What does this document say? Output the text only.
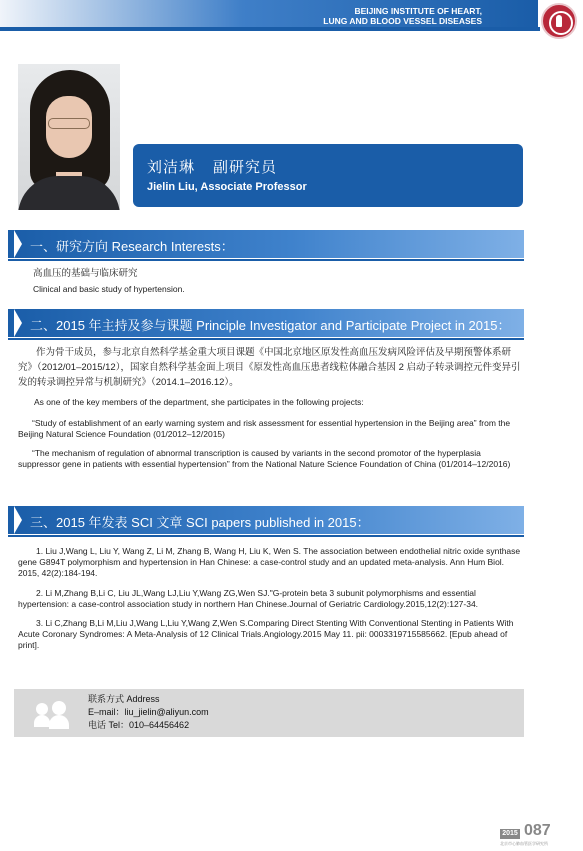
BEIJING INSTITUTE OF HEART,
LUNG AND BLOOD VESSEL DISEASES
刘洁琳 副研究员
Jielin Liu, Associate Professor
一、研究方向 Research Interests：
高血压的基础与临床研究
Clinical and basic study of hypertension.
二、2015 年主持及参与课题 Principle Investigator and Participate Project in 2015：
作为骨干成员，参与北京自然科学基金重大项目课题《中国北京地区原发性高血压发病风险评估及早期预警体系研究》（2012/01–2015/12），国家自然科学基金面上项目《原发性高血压患者线粒体融合基因 2 启动子转录调控元件变异引发的转录调控异常与机制研究》（2014.1–2016.12）。
As one of the key members of the department, she participates in the following projects:
“Study of establishment of an early warning system and risk assessment for essential hypertension in the Beijing area” from the Beijing Natural Science Foundation (01/2012–12/2015)
“The mechanism of regulation of abnormal transcription is caused by variants in the second promotor of the hyperplasia suppressor gene in patients with essential hypertension” from the National Nature Science Foundation of China (01/2014–12/2016)
三、2015 年发表 SCI 文章 SCI papers published in 2015：
1. Liu J,Wang L, Liu Y, Wang Z, Li M, Zhang B, Wang H, Liu K, Wen S. The association between endothelial nitric oxide synthase gene G894T polymorphism and hypertension in Han Chinese: a case-control study and an updated meta-analysis. Ann Hum Biol. 2015, 42(2):184-194.
2. Li M,Zhang B,Li C, Liu JL,Wang LJ,Liu Y,Wang ZG,Wen SJ."G-protein beta 3 subunit polymorphisms and essential hypertension: a case-control association study in northern Han Chinese.Journal of Geriatric Cardiology.2015,12(2):127-34.
3. Li C,Zhang B,Li M,Liu J,Wang L,Liu Y,Wang Z,Wen S.Comparing Direct Stenting With Conventional Stenting in Patients With Acute Coronary Syndromes: A Meta-Analysis of 12 Clinical Trials.Angiology.2015 May 11. pii: 0003319715585662. [Epub ahead of print].
联系方式 Address
E–mail：liu_jielin@aliyun.com
电话 Tel：010–64456462
2015 087
北京市心肺血管医学研究所
